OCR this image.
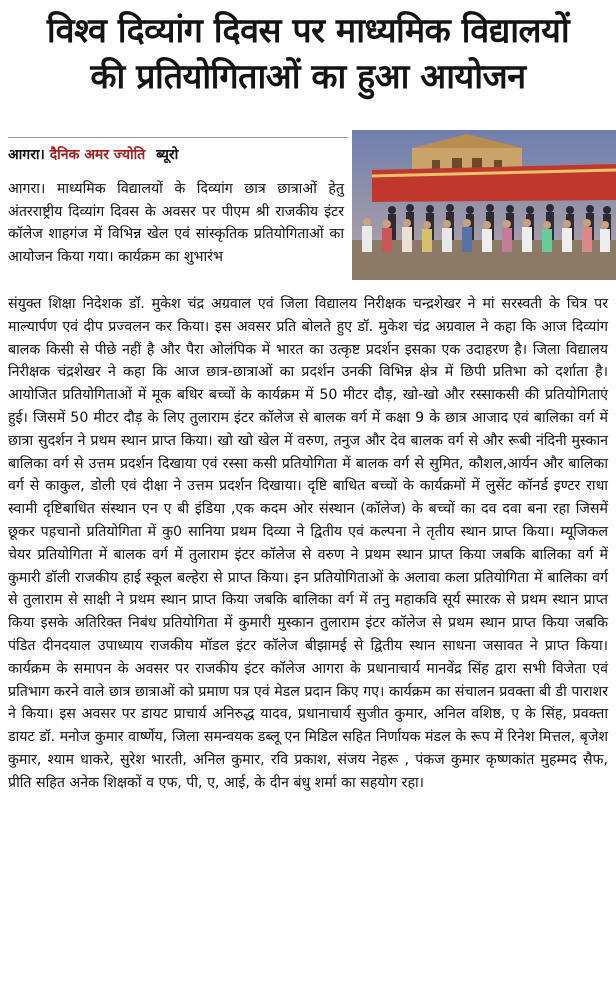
विश्व दिव्यांग दिवस पर माध्यमिक विद्यालयों
की प्रतियोगिताओं का हुआ आयोजन
आगरा। दैनिक अमर ज्योति ब्यूरो
आगरा। माध्यमिक विद्यालयों के दिव्यांग छात्र छात्राओं हेतु अंतरराष्ट्रीय दिव्यांग दिवस के अवसर पर पीएम श्री राजकीय इंटर कॉलेज शाहगंज में विभिन्न खेल एवं सांस्कृतिक प्रतियोगिताओं का आयोजन किया गया। कार्यक्रम का शुभारंभ
संयुक्त शिक्षा निदेशक डॉ. मुकेश चंद्र अग्रवाल एवं जिला विद्यालय निरीक्षक चन्द्रशेखर ने मां सरस्वती के चित्र पर माल्यार्पण एवं दीप प्रज्वलन कर किया। इस अवसर प्रति बोलते हुए डॉ. मुकेश चंद्र अग्रवाल ने कहा कि आज दिव्यांग बालक किसी से पीछे नहीं है और पैरा ओलंपिक में भारत का उत्कृष्ट प्रदर्शन इसका एक उदाहरण है। जिला विद्यालय निरीक्षक चंद्रशेखर ने कहा कि आज छात्र-छात्राओं का प्रदर्शन उनकी विभिन्न क्षेत्र में छिपी प्रतिभा को दर्शाता है। आयोजित प्रतियोगिताओं में मूक बधिर बच्चों के कार्यक्रम में 50 मीटर दौड़, खो-खो और रस्साकसी की प्रतियोगिताएं हुई। जिसमें 50 मीटर दौड़ के लिए तुलाराम इंटर कॉलेज से बालक वर्ग में कक्षा 9 के छात्र आजाद एवं बालिका वर्ग में छात्रा सुदर्शन ने प्रथम स्थान प्राप्त किया। खो खो खेल में वरुण, तनुज और देव बालक वर्ग से और रूबी नंदिनी मुस्कान बालिका वर्ग से उत्तम प्रदर्शन दिखाया एवं रस्सा कसी प्रतियोगिता में बालक वर्ग से सुमित, कौशल,आर्यन और बालिका वर्ग से काकुल, डोली एवं दीक्षा ने उत्तम प्रदर्शन दिखाया। दृष्टि बाधित बच्चों के कार्यक्रमों में लुसेंट कॉनर्ड इण्टर राधा स्वामी दृष्टिबाधित संस्थान एन ए बी इंडिया ,एक कदम ओर संस्थान (कॉलेज) के बच्चों का दव दवा बना रहा जिसमें छूकर पहचानो प्रतियोगिता में कु0 सानिया प्रथम दिव्या ने द्वितीय एवं कल्पना ने तृतीय स्थान प्राप्त किया। म्यूजिकल चेयर प्रतियोगिता में बालक वर्ग में तुलाराम इंटर कॉलेज से वरुण ने प्रथम स्थान प्राप्त किया जबकि बालिका वर्ग में कुमारी डॉली राजकीय हाई स्कूल बल्हेरा से प्राप्त किया। इन प्रतियोगिताओं के अलावा कला प्रतियोगिता में बालिका वर्ग से तुलाराम से साक्षी ने प्रथम स्थान प्राप्त किया जबकि बालिका वर्ग में तनु महाकवि सूर्य स्मारक से प्रथम स्थान प्राप्त किया इसके अतिरिक्त निबंध प्रतियोगिता में कुमारी मुस्कान तुलाराम इंटर कॉलेज से प्रथम स्थान प्राप्त किया जबकि पंडित दीनदयाल उपाध्याय राजकीय मॉडल इंटर कॉलेज बीझामई से द्वितीय स्थान साधना जसावत ने प्राप्त किया। कार्यक्रम के समापन के अवसर पर राजकीय इंटर कॉलेज आगरा के प्रधानाचार्य मानवेंद्र सिंह द्वारा सभी विजेता एवं प्रतिभाग करने वाले छात्र छात्राओं को प्रमाण पत्र एवं मेडल प्रदान किए गए। कार्यक्रम का संचालन प्रवक्ता बी डी पाराशर ने किया। इस अवसर पर डायट प्राचार्य अनिरुद्ध यादव, प्रधानाचार्य सुजीत कुमार, अनिल वशिष्ठ, ए के सिंह, प्रवक्ता डायट डॉ. मनोज कुमार वार्ष्णेय, जिला समन्वयक डब्लू एन मिडिल सहित निर्णायक मंडल के रूप में रिनेश मित्तल, बृजेश कुमार, श्याम धाकरे, सुरेश भारती, अनिल कुमार, रवि प्रकाश, संजय नेहरू , पंकज कुमार कृष्णकांत मुहम्मद सैफ, प्रीति सहित अनेक शिक्षकों व एफ, पी, ए, आई, के दीन बंधु शर्मा का सहयोग रहा।
